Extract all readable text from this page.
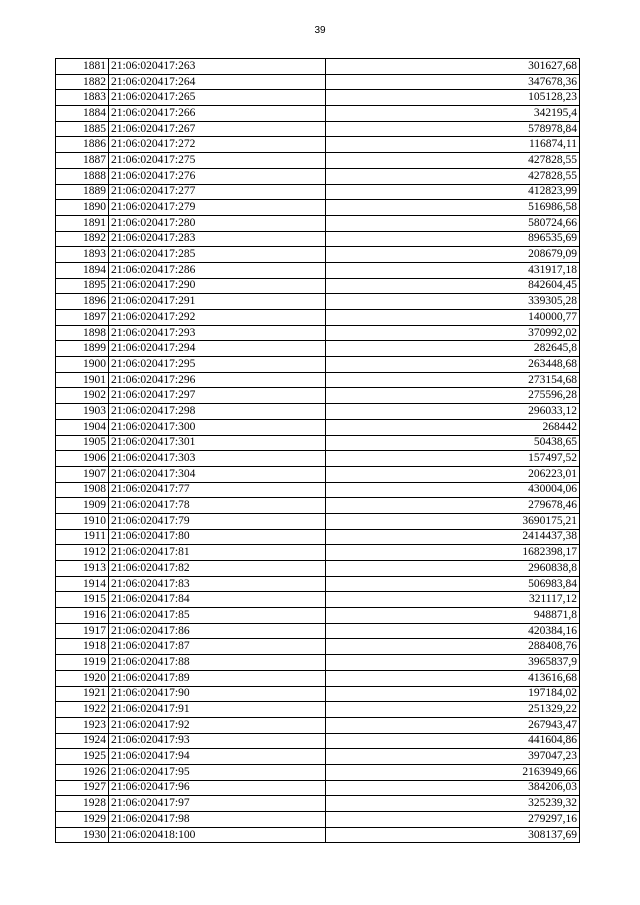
39
1881	21:06:020417:263	301627,68
1882	21:06:020417:264	347678,36
1883	21:06:020417:265	105128,23
1884	21:06:020417:266	342195,4
1885	21:06:020417:267	578978,84
1886	21:06:020417:272	116874,11
1887	21:06:020417:275	427828,55
1888	21:06:020417:276	427828,55
1889	21:06:020417:277	412823,99
1890	21:06:020417:279	516986,58
1891	21:06:020417:280	580724,66
1892	21:06:020417:283	896535,69
1893	21:06:020417:285	208679,09
1894	21:06:020417:286	431917,18
1895	21:06:020417:290	842604,45
1896	21:06:020417:291	339305,28
1897	21:06:020417:292	140000,77
1898	21:06:020417:293	370992,02
1899	21:06:020417:294	282645,8
1900	21:06:020417:295	263448,68
1901	21:06:020417:296	273154,68
1902	21:06:020417:297	275596,28
1903	21:06:020417:298	296033,12
1904	21:06:020417:300	268442
1905	21:06:020417:301	50438,65
1906	21:06:020417:303	157497,52
1907	21:06:020417:304	206223,01
1908	21:06:020417:77	430004,06
1909	21:06:020417:78	279678,46
1910	21:06:020417:79	3690175,21
1911	21:06:020417:80	2414437,38
1912	21:06:020417:81	1682398,17
1913	21:06:020417:82	2960838,8
1914	21:06:020417:83	506983,84
1915	21:06:020417:84	321117,12
1916	21:06:020417:85	948871,8
1917	21:06:020417:86	420384,16
1918	21:06:020417:87	288408,76
1919	21:06:020417:88	3965837,9
1920	21:06:020417:89	413616,68
1921	21:06:020417:90	197184,02
1922	21:06:020417:91	251329,22
1923	21:06:020417:92	267943,47
1924	21:06:020417:93	441604,86
1925	21:06:020417:94	397047,23
1926	21:06:020417:95	2163949,66
1927	21:06:020417:96	384206,03
1928	21:06:020417:97	325239,32
1929	21:06:020417:98	279297,16
1930	21:06:020418:100	308137,69
